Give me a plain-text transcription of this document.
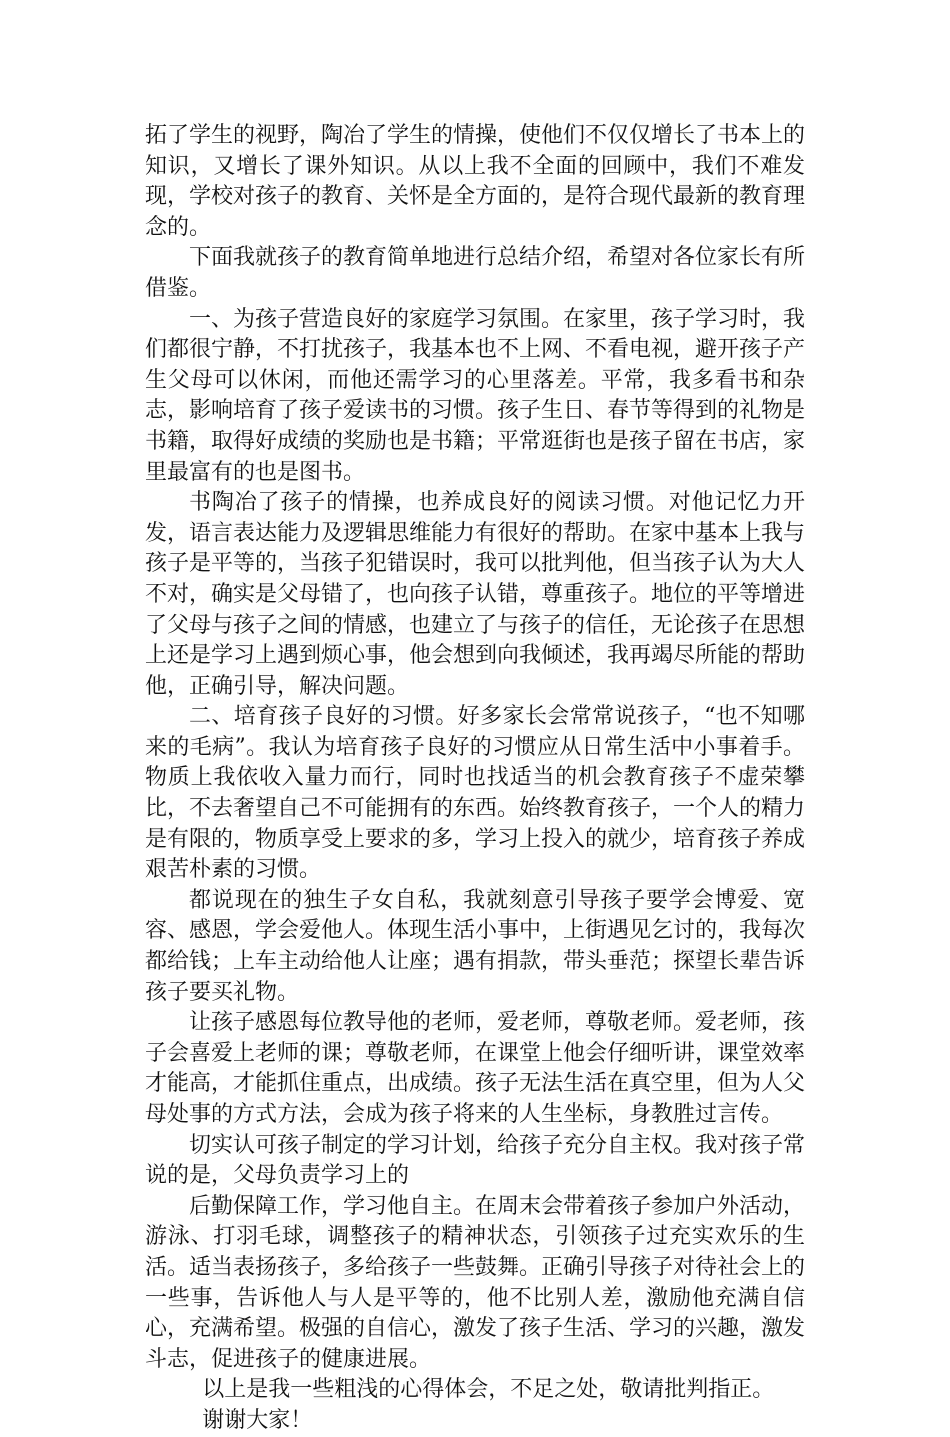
拓了学生的视野，陶冶了学生的情操，使他们不仅仅增长了书本上的知识，又增长了课外知识。从以上我不全面的回顾中，我们不难发现，学校对孩子的教育、关怀是全方面的，是符合现代最新的教育理念的。

下面我就孩子的教育简单地进行总结介绍，希望对各位家长有所借鉴。

一、为孩子营造良好的家庭学习氛围。在家里，孩子学习时，我们都很宁静，不打扰孩子，我基本也不上网、不看电视，避开孩子产生父母可以休闲，而他还需学习的心里落差。平常，我多看书和杂志，影响培育了孩子爱读书的习惯。孩子生日、春节等得到的礼物是书籍，取得好成绩的奖励也是书籍；平常逛街也是孩子留在书店，家里最富有的也是图书。

书陶冶了孩子的情操，也养成良好的阅读习惯。对他记忆力开发，语言表达能力及逻辑思维能力有很好的帮助。在家中基本上我与孩子是平等的，当孩子犯错误时，我可以批判他，但当孩子认为大人不对，确实是父母错了，也向孩子认错，尊重孩子。地位的平等增进了父母与孩子之间的情感，也建立了与孩子的信任，无论孩子在思想上还是学习上遇到烦心事，他会想到向我倾述，我再竭尽所能的帮助他，正确引导，解决问题。

二、培育孩子良好的习惯。好多家长会常常说孩子，“也不知哪来的毛病”。我认为培育孩子良好的习惯应从日常生活中小事着手。物质上我依收入量力而行，同时也找适当的机会教育孩子不虚荣攀比，不去奢望自己不可能拥有的东西。始终教育孩子，一个人的精力是有限的，物质享受上要求的多，学习上投入的就少，培育孩子养成艰苦朴素的习惯。

都说现在的独生子女自私，我就刻意引导孩子要学会博爱、宽容、感恩，学会爱他人。体现生活小事中，上街遇见乞讨的，我每次都给钱；上车主动给他人让座；遇有捐款，带头垂范；探望长辈告诉孩子要买礼物。

让孩子感恩每位教导他的老师，爱老师，尊敬老师。爱老师，孩子会喜爱上老师的课；尊敬老师，在课堂上他会仔细听讲，课堂效率才能高，才能抓住重点，出成绩。孩子无法生活在真空里，但为人父母处事的方式方法，会成为孩子将来的人生坐标，身教胜过言传。

切实认可孩子制定的学习计划，给孩子充分自主权。我对孩子常说的是，父母负责学习上的

后勤保障工作，学习他自主。在周末会带着孩子参加户外活动，游泳、打羽毛球，调整孩子的精神状态，引领孩子过充实欢乐的生活。适当表扬孩子，多给孩子一些鼓舞。正确引导孩子对待社会上的一些事，告诉他人与人是平等的，他不比别人差，激励他充满自信心，充满希望。极强的自信心，激发了孩子生活、学习的兴趣，激发斗志，促进孩子的健康进展。

以上是我一些粗浅的心得体会，不足之处，敬请批判指正。

谢谢大家！
